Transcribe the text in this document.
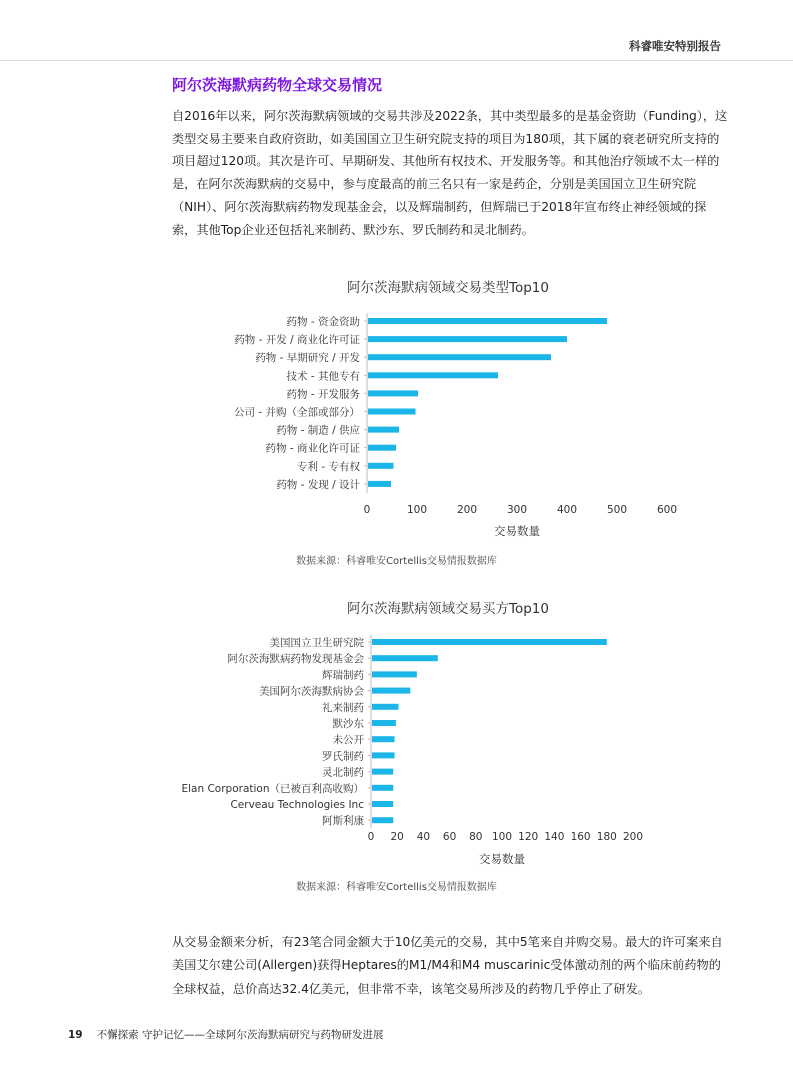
科睿唯安特别报告
阿尔茨海默病药物全球交易情况
自2016年以来，阿尔茨海默病领域的交易共涉及2022条，其中类型最多的是基金资助（Funding），这类型交易主要来自政府资助，如美国国立卫生研究院支持的项目为180项，其下属的衰老研究所支持的项目超过120项。其次是许可、早期研发、其他所有权技术、开发服务等。和其他治疗领域不太一样的是，在阿尔茨海默病的交易中，参与度最高的前三名只有一家是药企，分别是美国国立卫生研究院（NIH）、阿尔茨海默病药物发现基金会，以及辉瑞制药，但辉瑞已于2018年宣布终止神经领域的探索，其他Top企业还包括礼来制药、默沙东、罗氏制药和灵北制药。
阿尔茨海默病领域交易类型Top10
药物 - 资金资助
药物 - 开发 / 商业化许可证
药物 - 早期研究 / 开发
技术 - 其他专有
药物 - 开发服务
公司 - 并购（全部或部分）
药物 - 制造 / 供应
药物 - 商业化许可证
专利 - 专有权
药物 - 发现 / 设计
0	100	200	300	400	500	600
交易数量
数据来源：科睿唯安Cortellis交易情报数据库
阿尔茨海默病领域交易买方Top10
美国国立卫生研究院
阿尔茨海默病药物发现基金会
辉瑞制药
美国阿尔茨海默病协会
礼来制药
默沙东
未公开
罗氏制药
灵北制药
Elan Corporation（已被百利高收购）
Cerveau Technologies Inc
阿斯利康
0 20 40 60 80 100 120 140 160 180 200
交易数量
数据来源：科睿唯安Cortellis交易情报数据库
从交易金额来分析，有23笔合同金额大于10亿美元的交易，其中5笔来自并购交易。最大的许可案来自美国艾尔建公司(Allergen)获得Heptares的M1/M4和M4 muscarinic受体激动剂的两个临床前药物的全球权益，总价高达32.4亿美元，但非常不幸，该笔交易所涉及的药物几乎停止了研发。
19 不懈探索 守护记忆——全球阿尔茨海默病研究与药物研发进展
